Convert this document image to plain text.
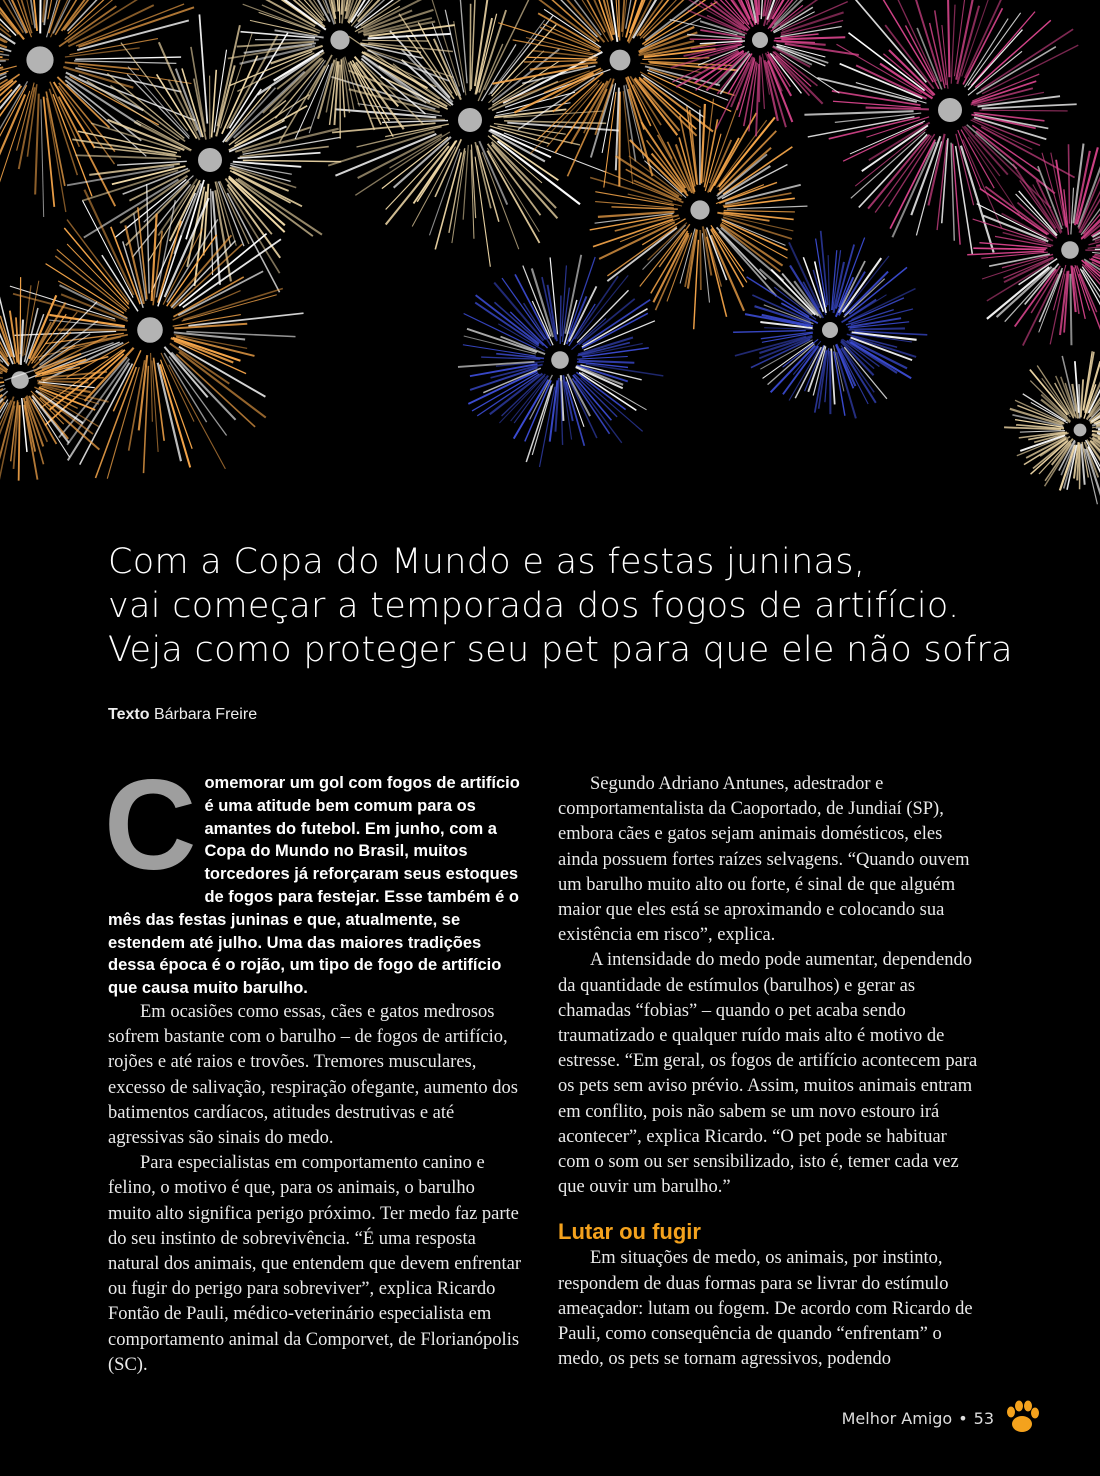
Com a Copa do Mundo e as festas juninas,
vai começar a temporada dos fogos de artifício.
Veja como proteger seu pet para que ele não sofra
Texto Bárbara Freire
C omemorar um gol com fogos de artifício é uma atitude bem comum para os amantes do futebol. Em junho, com a Copa do Mundo no Brasil, muitos torcedores já reforçaram seus estoques de fogos para festejar. Esse também é o mês das festas juninas e que, atualmente, se estendem até julho. Uma das maiores tradições dessa época é o rojão, um tipo de fogo de artifício que causa muito barulho.

Em ocasiões como essas, cães e gatos medrosos sofrem bastante com o barulho – de fogos de artifício, rojões e até raios e trovões. Tremores musculares, excesso de salivação, respiração ofegante, aumento dos batimentos cardíacos, atitudes destrutivas e até agressivas são sinais do medo.

Para especialistas em comportamento canino e felino, o motivo é que, para os animais, o barulho muito alto significa perigo próximo. Ter medo faz parte do seu instinto de sobrevivência. “É uma resposta natural dos animais, que entendem que devem enfrentar ou fugir do perigo para sobreviver”, explica Ricardo Fontão de Pauli, médico-veterinário especialista em comportamento animal da Comporvet, de Florianópolis (SC).

Segundo Adriano Antunes, adestrador e comportamentalista da Caoportado, de Jundiaí (SP), embora cães e gatos sejam animais domésticos, eles ainda possuem fortes raízes selvagens. “Quando ouvem um barulho muito alto ou forte, é sinal de que alguém maior que eles está se aproximando e colocando sua existência em risco”, explica.

A intensidade do medo pode aumentar, dependendo da quantidade de estímulos (barulhos) e gerar as chamadas “fobias” – quando o pet acaba sendo traumatizado e qualquer ruído mais alto é motivo de estresse. “Em geral, os fogos de artifício acontecem para os pets sem aviso prévio. Assim, muitos animais entram em conflito, pois não sabem se um novo estouro irá acontecer”, explica Ricardo. “O pet pode se habituar com o som ou ser sensibilizado, isto é, temer cada vez que ouvir um barulho.”

Lutar ou fugir

Em situações de medo, os animais, por instinto, respondem de duas formas para se livrar do estímulo ameaçador: lutam ou fogem. De acordo com Ricardo de Pauli, como consequência de quando “enfrentam” o medo, os pets se tornam agressivos, podendo

Melhor Amigo • 53
